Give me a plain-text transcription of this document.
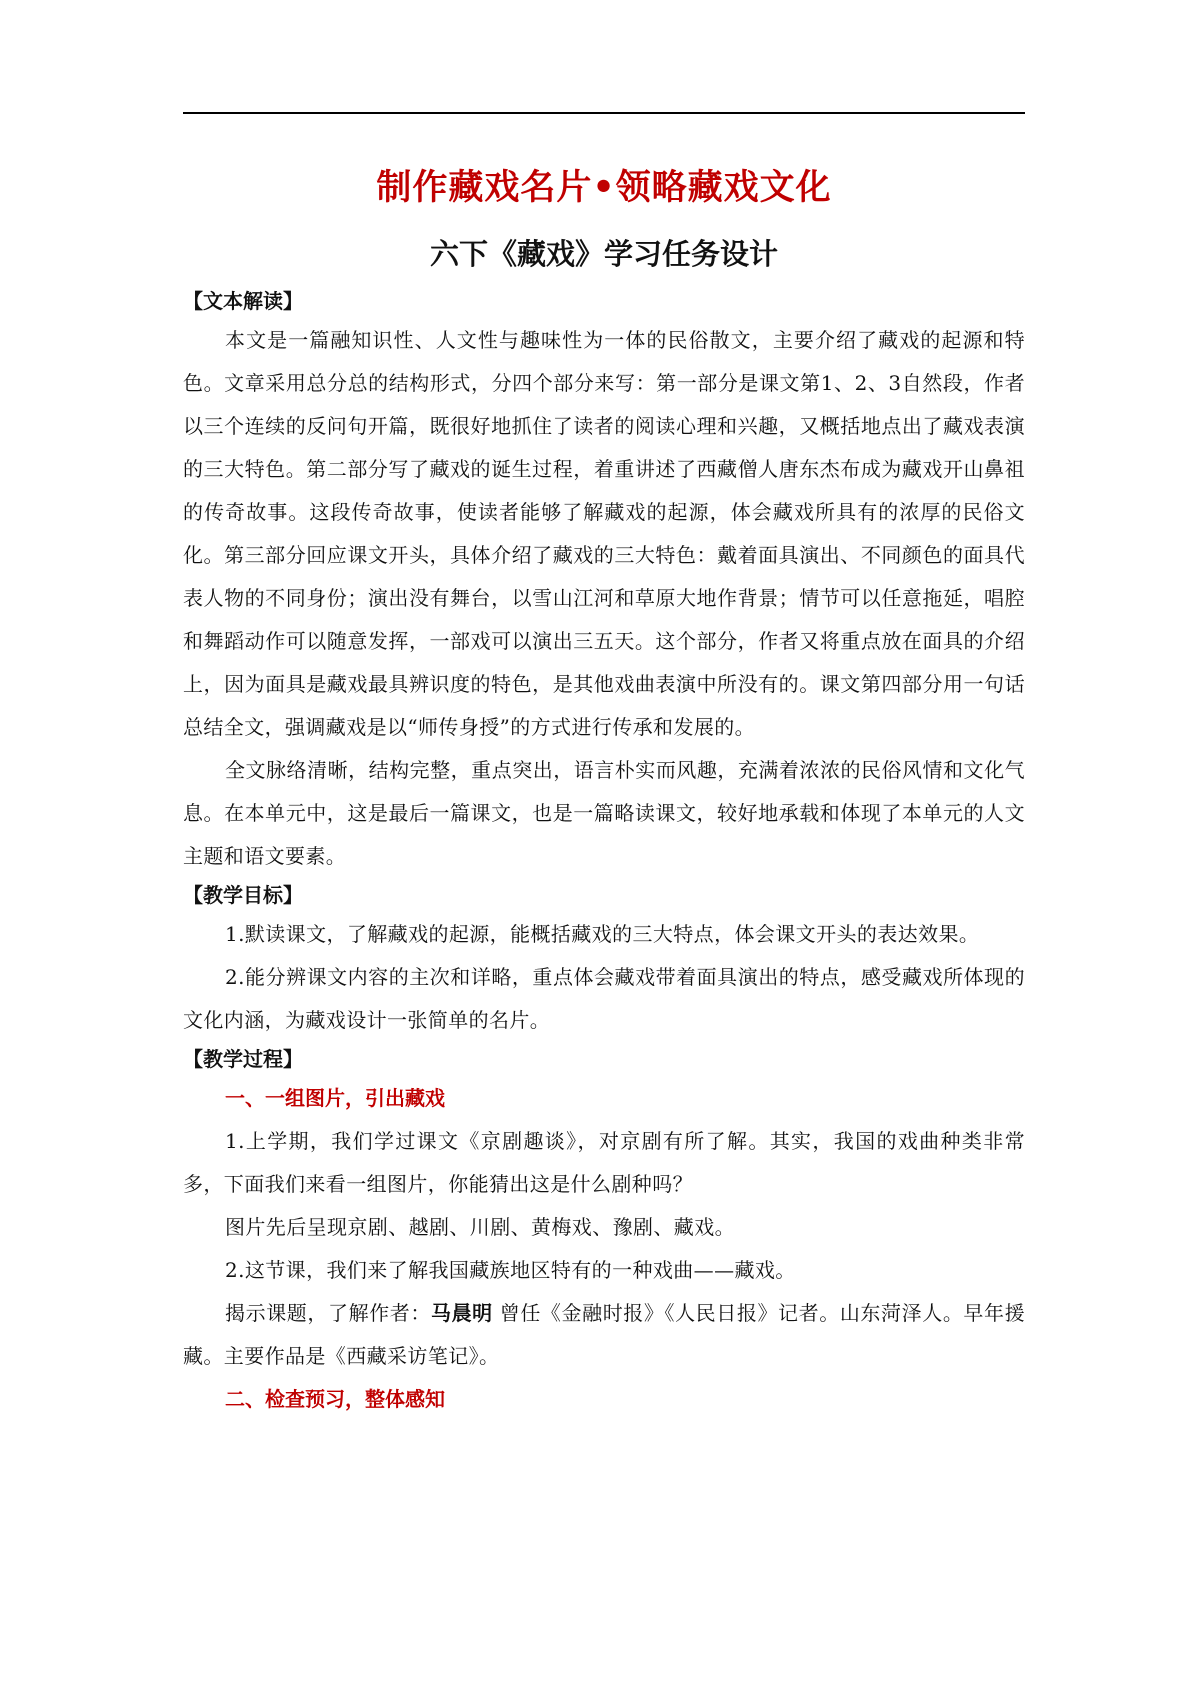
制作藏戏名片•领略藏戏文化
六下《藏戏》学习任务设计

【文本解读】

本文是一篇融知识性、人文性与趣味性为一体的民俗散文，主要介绍了藏戏的起源和特色。文章采用总分总的结构形式，分四个部分来写：第一部分是课文第1、2、3自然段，作者以三个连续的反问句开篇，既很好地抓住了读者的阅读心理和兴趣，又概括地点出了藏戏表演的三大特色。第二部分写了藏戏的诞生过程，着重讲述了西藏僧人唐东杰布成为藏戏开山鼻祖的传奇故事。这段传奇故事，使读者能够了解藏戏的起源，体会藏戏所具有的浓厚的民俗文化。第三部分回应课文开头，具体介绍了藏戏的三大特色：戴着面具演出、不同颜色的面具代表人物的不同身份；演出没有舞台，以雪山江河和草原大地作背景；情节可以任意拖延，唱腔和舞蹈动作可以随意发挥，一部戏可以演出三五天。这个部分，作者又将重点放在面具的介绍上，因为面具是藏戏最具辨识度的特色，是其他戏曲表演中所没有的。课文第四部分用一句话总结全文，强调藏戏是以“师传身授”的方式进行传承和发展的。

全文脉络清晰，结构完整，重点突出，语言朴实而风趣，充满着浓浓的民俗风情和文化气息。在本单元中，这是最后一篇课文，也是一篇略读课文，较好地承载和体现了本单元的人文主题和语文要素。

【教学目标】

1.默读课文，了解藏戏的起源，能概括藏戏的三大特点，体会课文开头的表达效果。

2.能分辨课文内容的主次和详略，重点体会藏戏带着面具演出的特点，感受藏戏所体现的文化内涵，为藏戏设计一张简单的名片。

【教学过程】

一、一组图片，引出藏戏

1.上学期，我们学过课文《京剧趣谈》，对京剧有所了解。其实，我国的戏曲种类非常多，下面我们来看一组图片，你能猜出这是什么剧种吗？

图片先后呈现京剧、越剧、川剧、黄梅戏、豫剧、藏戏。

2.这节课，我们来了解我国藏族地区特有的一种戏曲——藏戏。

揭示课题，了解作者：马晨明 曾任《金融时报》《人民日报》记者。山东菏泽人。早年援藏。主要作品是《西藏采访笔记》。

二、检查预习，整体感知
